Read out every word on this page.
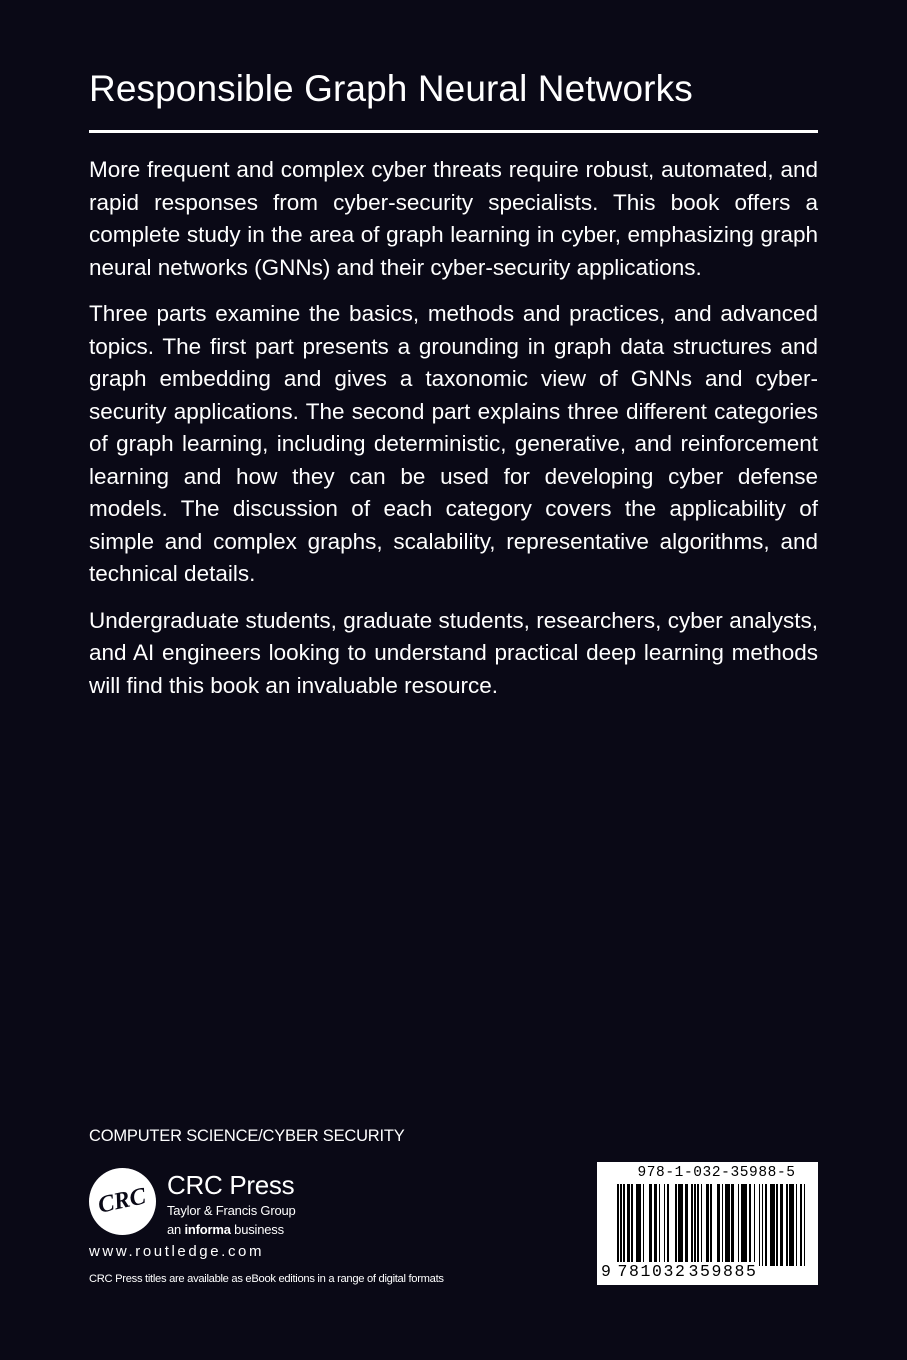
Responsible Graph Neural Networks

More frequent and complex cyber threats require robust, automated, and rapid responses from cyber-security specialists. This book offers a complete study in the area of graph learning in cyber, emphasizing graph neural networks (GNNs) and their cyber-security applications.

Three parts examine the basics, methods and practices, and advanced topics. The first part presents a grounding in graph data structures and graph embedding and gives a taxonomic view of GNNs and cyber-security applications. The second part explains three different categories of graph learning, including deterministic, generative, and reinforcement learning and how they can be used for developing cyber defense models. The discussion of each category covers the applicability of simple and complex graphs, scalability, representative algorithms, and technical details.

Undergraduate students, graduate students, researchers, cyber analysts, and AI engineers looking to understand practical deep learning methods will find this book an invaluable resource.

COMPUTER SCIENCE/CYBER SECURITY
CRC CRC Press
Taylor & Francis Group
an informa business
www.routledge.com
CRC Press titles are available as eBook editions in a range of digital formats
978-1-032-35988-5
9 781032 359885
